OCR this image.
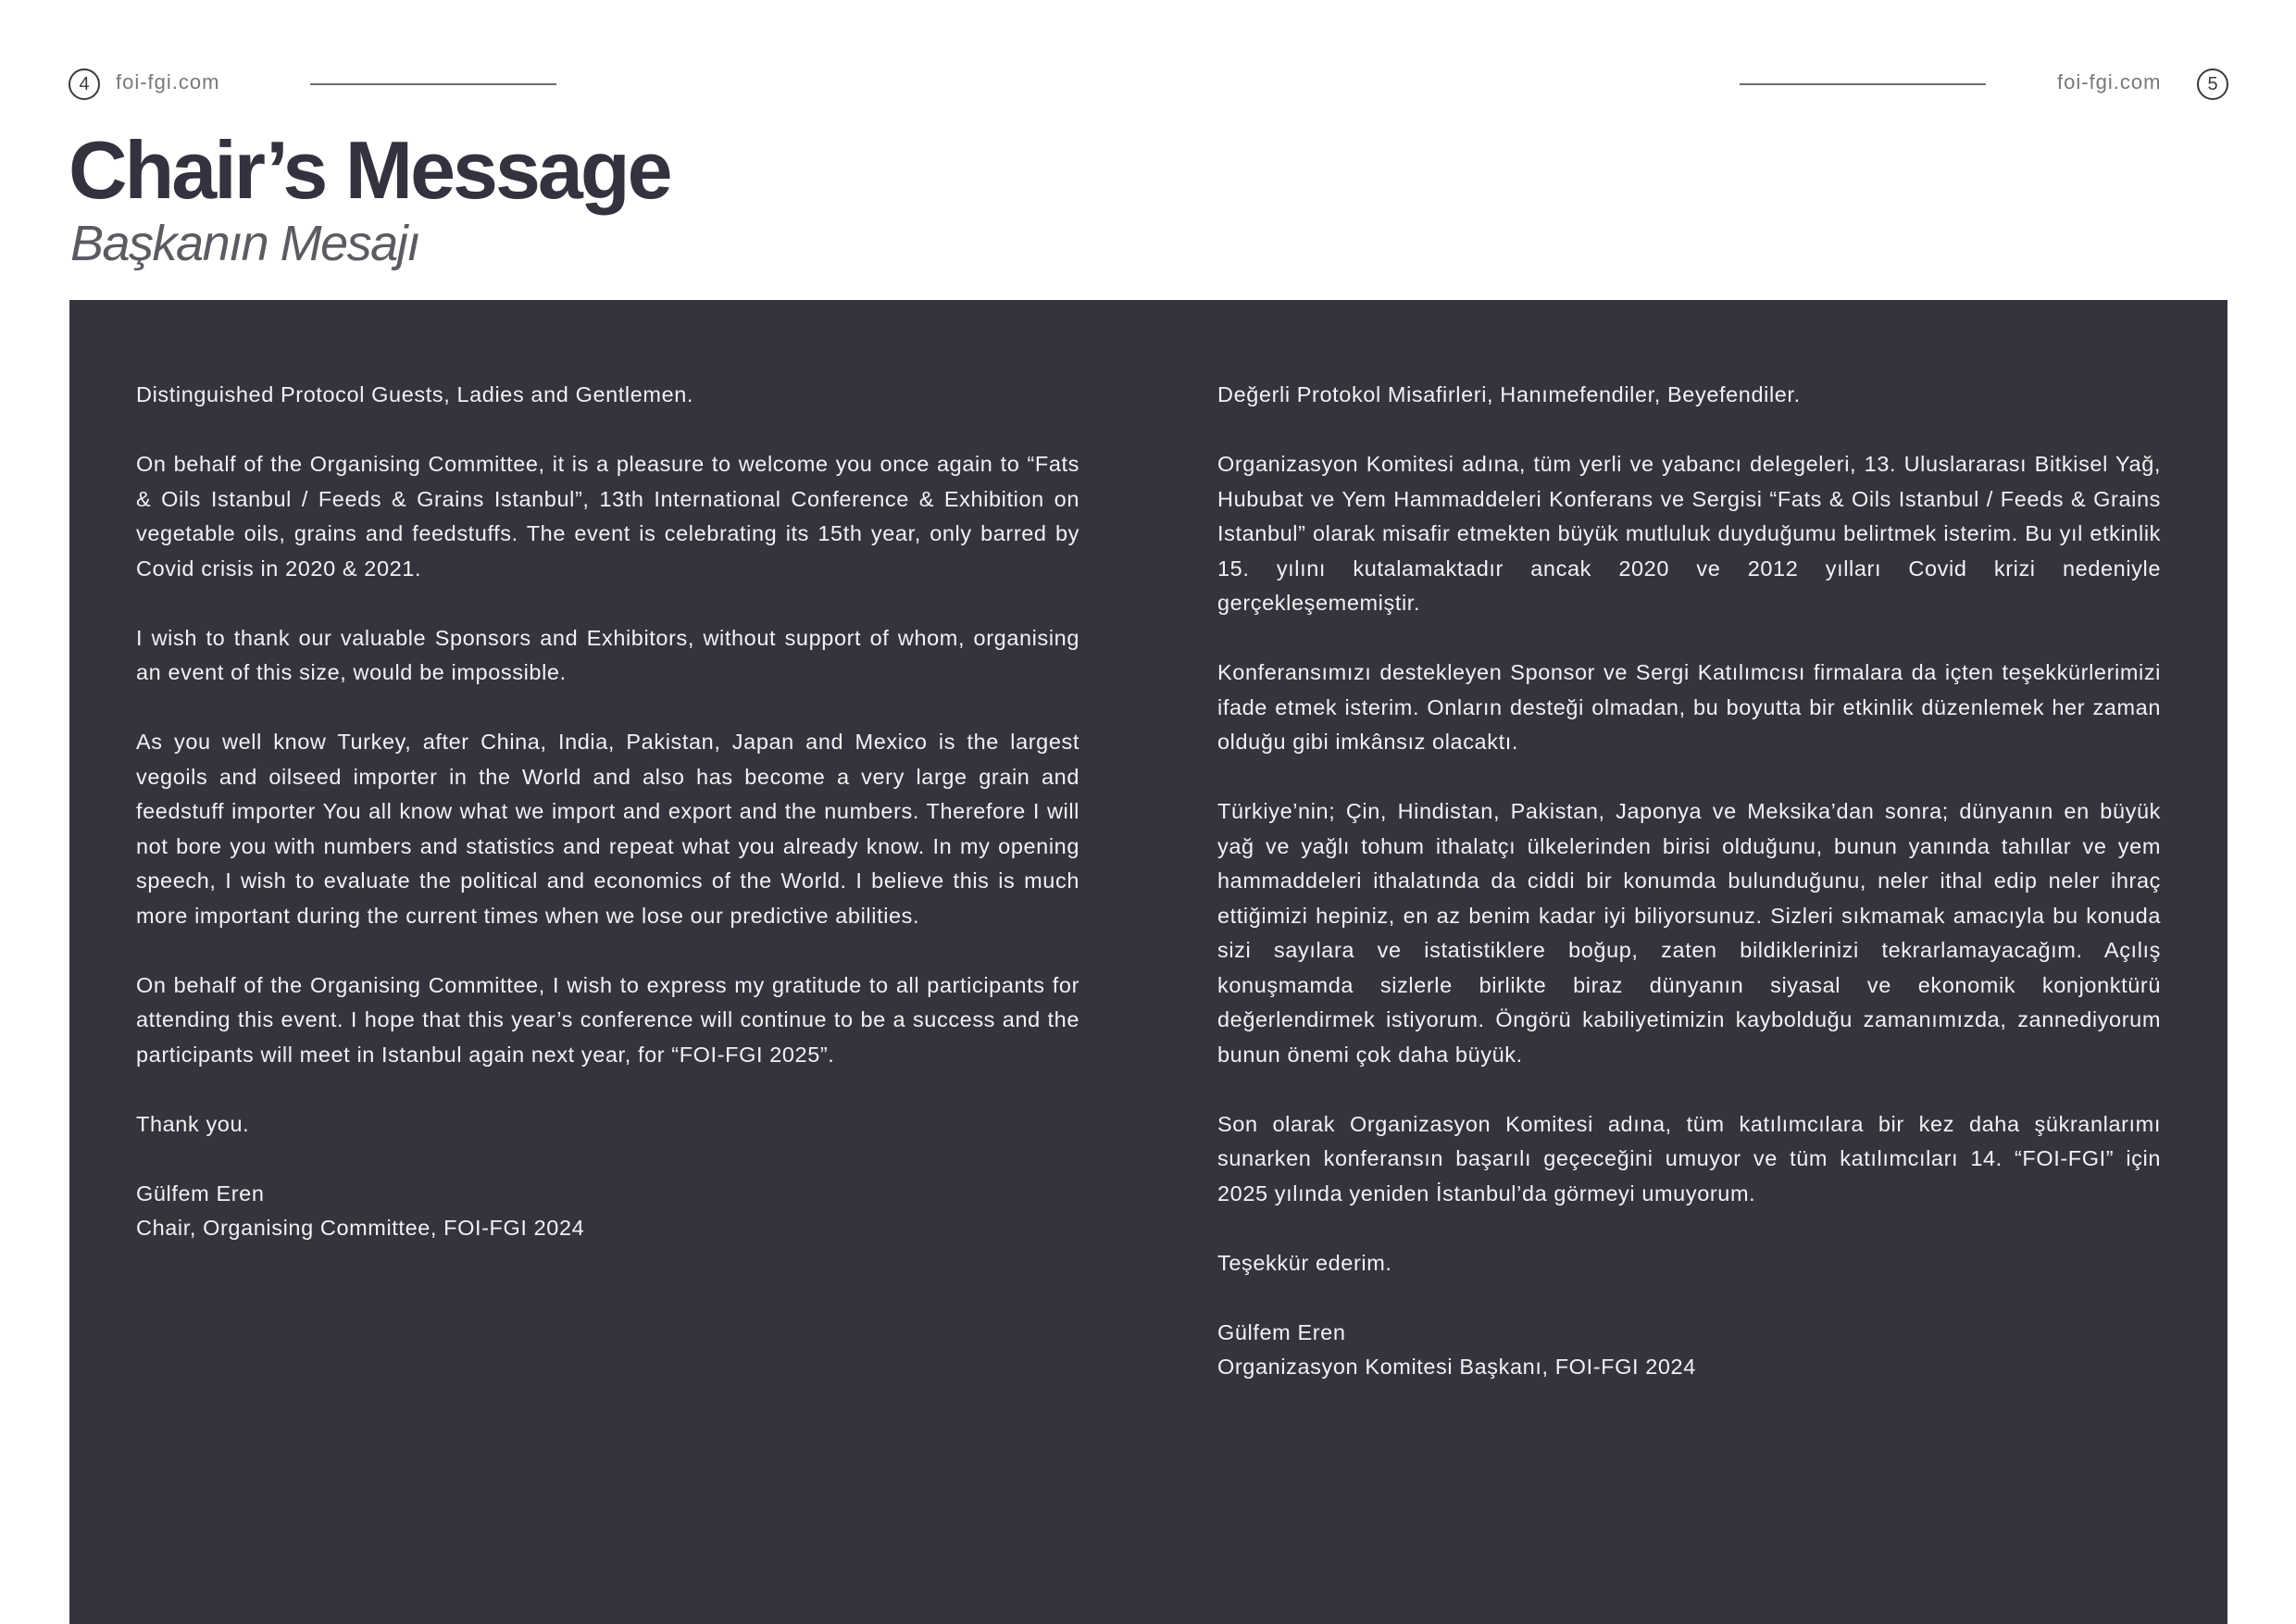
4	foi-fgi.com	foi-fgi.com	5
Chair’s Message
Başkanın Mesajı

Distinguished Protocol Guests, Ladies and Gentlemen.

On behalf of the Organising Committee, it is a pleasure to welcome you once again to “Fats & Oils Istanbul / Feeds & Grains Istanbul”, 13th International Conference & Exhibition on vegetable oils, grains and feedstuffs. The event is celebrating its 15th year, only barred by Covid crisis in 2020 & 2021.

I wish to thank our valuable Sponsors and Exhibitors, without support of whom, organising an event of this size, would be impossible.

As you well know Turkey, after China, India, Pakistan, Japan and Mexico is the largest vegoils and oilseed importer in the World and also has become a very large grain and feedstuff importer You all know what we import and export and the numbers. Therefore I will not bore you with numbers and statistics and repeat what you already know. In my opening speech, I wish to evaluate the political and economics of the World. I believe this is much more important during the current times when we lose our predictive abilities.

On behalf of the Organising Committee, I wish to express my gratitude to all participants for attending this event. I hope that this year’s conference will continue to be a success and the participants will meet in Istanbul again next year, for “FOI-FGI 2025”.

Thank you.

Gülfem Eren

Chair, Organising Committee, FOI-FGI 2024

Değerli Protokol Misafirleri, Hanımefendiler, Beyefendiler.

Organizasyon Komitesi adına, tüm yerli ve yabancı delegeleri, 13. Uluslararası Bitkisel Yağ, Hububat ve Yem Hammaddeleri Konferans ve Sergisi “Fats & Oils Istanbul / Feeds & Grains Istanbul” olarak misafir etmekten büyük mutluluk duyduğumu belirtmek isterim. Bu yıl etkinlik 15. yılını kutalamaktadır ancak 2020 ve 2012 yılları Covid krizi nedeniyle gerçekleşememiştir.

Konferansımızı destekleyen Sponsor ve Sergi Katılımcısı firmalara da içten teşekkürlerimizi ifade etmek isterim. Onların desteği olmadan, bu boyutta bir etkinlik düzenlemek her zaman olduğu gibi imkânsız olacaktı.

Türkiye’nin; Çin, Hindistan, Pakistan, Japonya ve Meksika’dan sonra; dünyanın en büyük yağ ve yağlı tohum ithalatçı ülkelerinden birisi olduğunu, bunun yanında tahıllar ve yem hammaddeleri ithalatında da ciddi bir konumda bulunduğunu, neler ithal edip neler ihraç ettiğimizi hepiniz, en az benim kadar iyi biliyorsunuz. Sizleri sıkmamak amacıyla bu konuda sizi sayılara ve istatistiklere boğup, zaten bildiklerinizi tekrarlamayacağım. Açılış konuşmamda sizlerle birlikte biraz dünyanın siyasal ve ekonomik konjonktürü değerlendirmek istiyorum. Öngörü kabiliyetimizin kaybolduğu zamanımızda, zannediyorum bunun önemi çok daha büyük.

Son olarak Organizasyon Komitesi adına, tüm katılımcılara bir kez daha şükranlarımı sunarken konferansın başarılı geçeceğini umuyor ve tüm katılımcıları 14. “FOI-FGI” için 2025 yılında yeniden İstanbul’da görmeyi umuyorum.

Teşekkür ederim.

Gülfem Eren

Organizasyon Komitesi Başkanı, FOI-FGI 2024
